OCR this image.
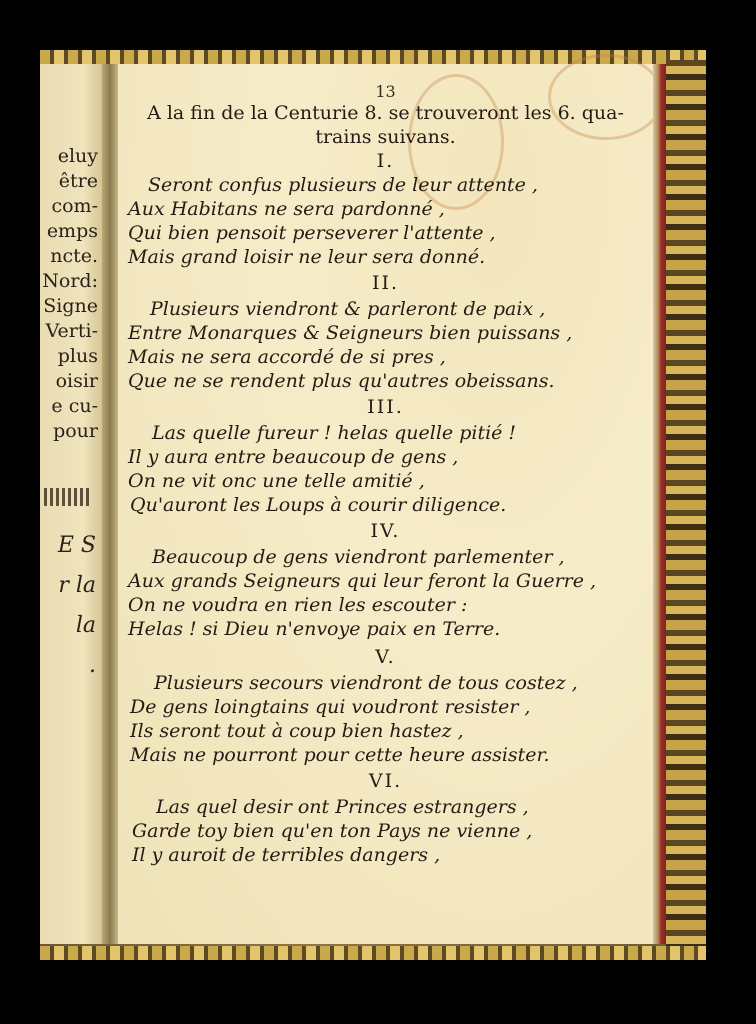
eluy
être
com-
emps
ncte.
Nord:
Signe
Verti-
plus
oisir
e cu-
pour
E S
r la
la
.
13
A la fin de la Centurie 8. se trouveront les 6. qua-
trains suivans.
I.
Seront confus plusieurs de leur attente ,
Aux Habitans ne sera pardonné ,
Qui bien pensoit perseverer l'attente ,
Mais grand loisir ne leur sera donné.
II.
Plusieurs viendront & parleront de paix ,
Entre Monarques & Seigneurs bien puissans ,
Mais ne sera accordé de si pres ,
Que ne se rendent plus qu'autres obeissans.
III.
Las quelle fureur ! helas quelle pitié !
Il y aura entre beaucoup de gens ,
On ne vit onc une telle amitié ,
Qu'auront les Loups à courir diligence.
IV.
Beaucoup de gens viendront parlementer ,
Aux grands Seigneurs qui leur feront la Guerre ,
On ne voudra en rien les escouter :
Helas ! si Dieu n'envoye paix en Terre.
V.
Plusieurs secours viendront de tous costez ,
De gens loingtains qui voudront resister ,
Ils seront tout à coup bien hastez ,
Mais ne pourront pour cette heure assister.
VI.
Las quel desir ont Princes estrangers ,
Garde toy bien qu'en ton Pays ne vienne ,
Il y auroit de terribles dangers ,
